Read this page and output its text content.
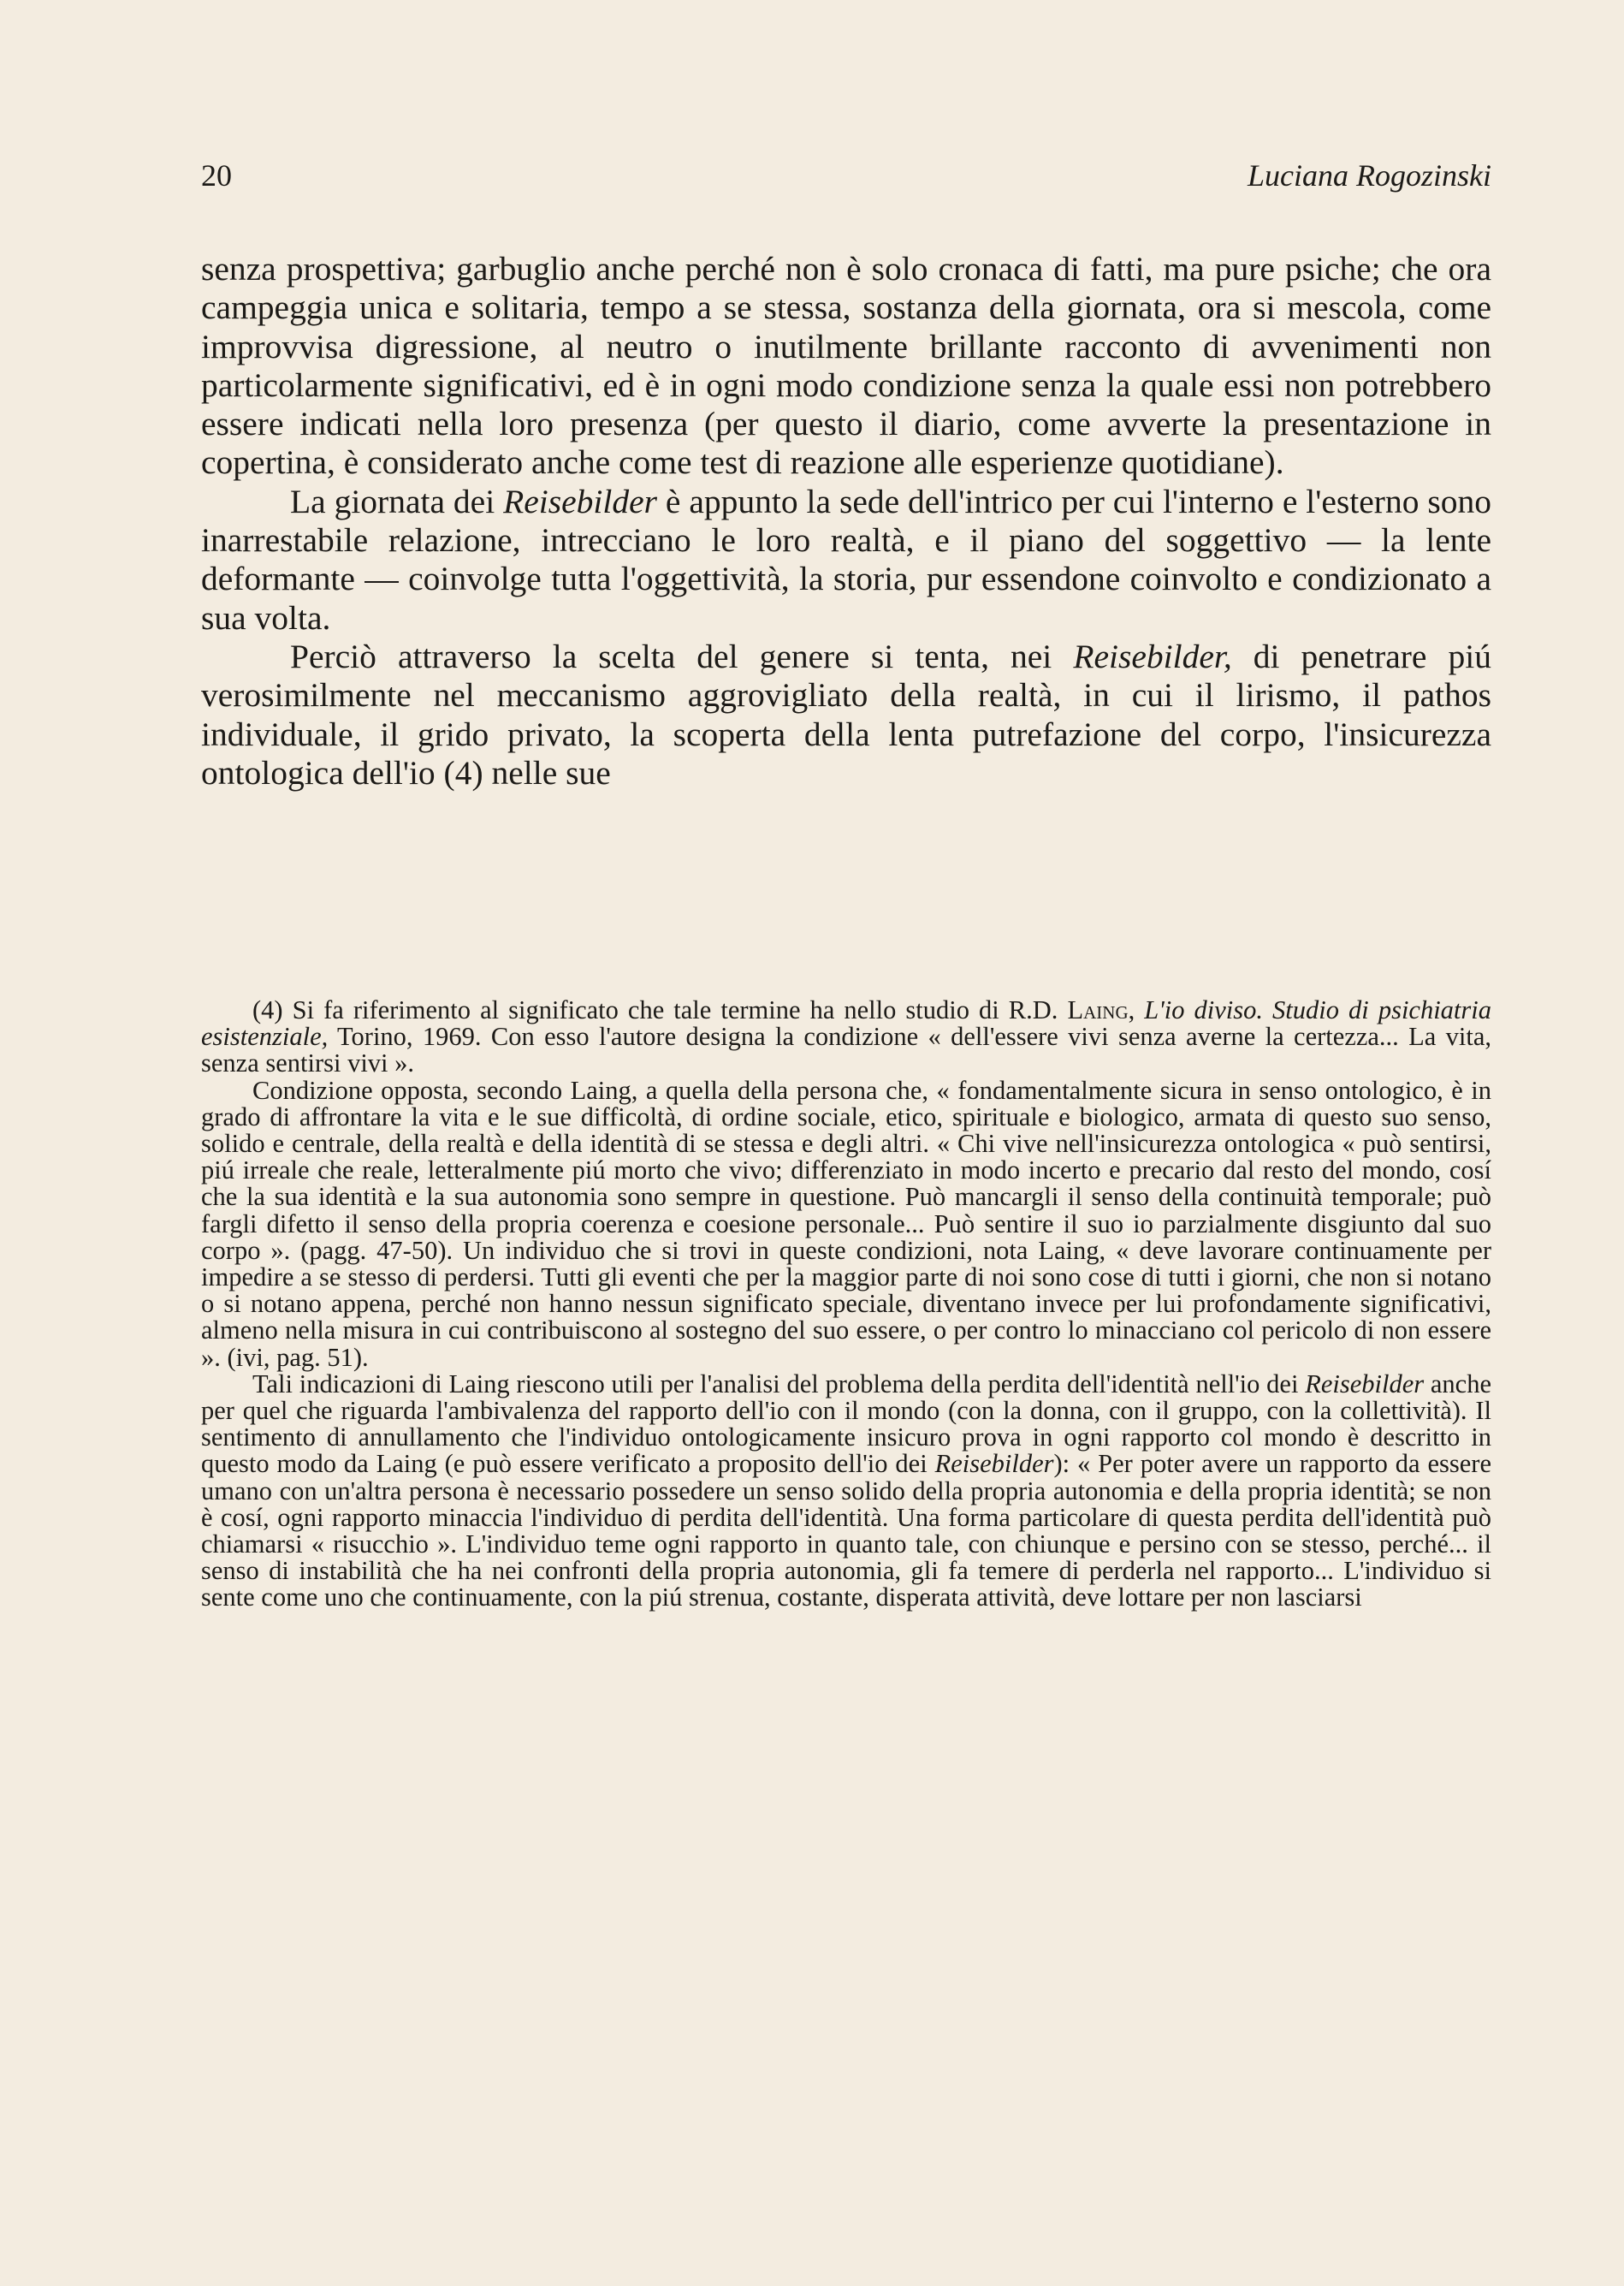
20	Luciana Rogozinski

senza prospettiva; garbuglio anche perché non è solo cronaca di fatti, ma pure psiche; che ora campeggia unica e solitaria, tempo a se stessa, sostanza della giornata, ora si mescola, come improvvisa digressione, al neutro o inutilmente brillante racconto di avvenimenti non particolarmente significativi, ed è in ogni modo condizione senza la quale essi non potrebbero essere indicati nella loro presenza (per questo il diario, come avverte la presentazione in copertina, è considerato anche come test di reazione alle esperienze quotidiane).

La giornata dei Reisebilder è appunto la sede dell'intrico per cui l'interno e l'esterno sono inarrestabile relazione, intrecciano le loro realtà, e il piano del soggettivo — la lente deformante — coinvolge tutta l'oggettività, la storia, pur essendone coinvolto e condizionato a sua volta.

Perciò attraverso la scelta del genere si tenta, nei Reisebilder, di penetrare piú verosimilmente nel meccanismo aggrovigliato della realtà, in cui il lirismo, il pathos individuale, il grido privato, la scoperta della lenta putrefazione del corpo, l'insicurezza ontologica dell'io (4) nelle sue

(4) Si fa riferimento al significato che tale termine ha nello studio di R.D. Laing, L'io diviso. Studio di psichiatria esistenziale, Torino, 1969. Con esso l'autore designa la condizione « dell'essere vivi senza averne la certezza... La vita, senza sentirsi vivi ».

Condizione opposta, secondo Laing, a quella della persona che, « fondamentalmente sicura in senso ontologico, è in grado di affrontare la vita e le sue difficoltà, di ordine sociale, etico, spirituale e biologico, armata di questo suo senso, solido e centrale, della realtà e della identità di se stessa e degli altri. « Chi vive nell'insicurezza ontologica « può sentirsi, piú irreale che reale, letteralmente piú morto che vivo; differenziato in modo incerto e precario dal resto del mondo, cosí che la sua identità e la sua autonomia sono sempre in questione. Può mancargli il senso della continuità temporale; può fargli difetto il senso della propria coerenza e coesione personale... Può sentire il suo io parzialmente disgiunto dal suo corpo ». (pagg. 47-50). Un individuo che si trovi in queste condizioni, nota Laing, « deve lavorare continuamente per impedire a se stesso di perdersi. Tutti gli eventi che per la maggior parte di noi sono cose di tutti i giorni, che non si notano o si notano appena, perché non hanno nessun significato speciale, diventano invece per lui profondamente significativi, almeno nella misura in cui contribuiscono al sostegno del suo essere, o per contro lo minacciano col pericolo di non essere ». (ivi, pag. 51).

Tali indicazioni di Laing riescono utili per l'analisi del problema della perdita dell'identità nell'io dei Reisebilder anche per quel che riguarda l'ambivalenza del rapporto dell'io con il mondo (con la donna, con il gruppo, con la collettività). Il sentimento di annullamento che l'individuo ontologicamente insicuro prova in ogni rapporto col mondo è descritto in questo modo da Laing (e può essere verificato a proposito dell'io dei Reisebilder): « Per poter avere un rapporto da essere umano con un'altra persona è necessario possedere un senso solido della propria autonomia e della propria identità; se non è cosí, ogni rapporto minaccia l'individuo di perdita dell'identità. Una forma particolare di questa perdita dell'identità può chiamarsi « risucchio ». L'individuo teme ogni rapporto in quanto tale, con chiunque e persino con se stesso, perché... il senso di instabilità che ha nei confronti della propria autonomia, gli fa temere di perderla nel rapporto... L'individuo si sente come uno che continuamente, con la piú strenua, costante, disperata attività, deve lottare per non lasciarsi
